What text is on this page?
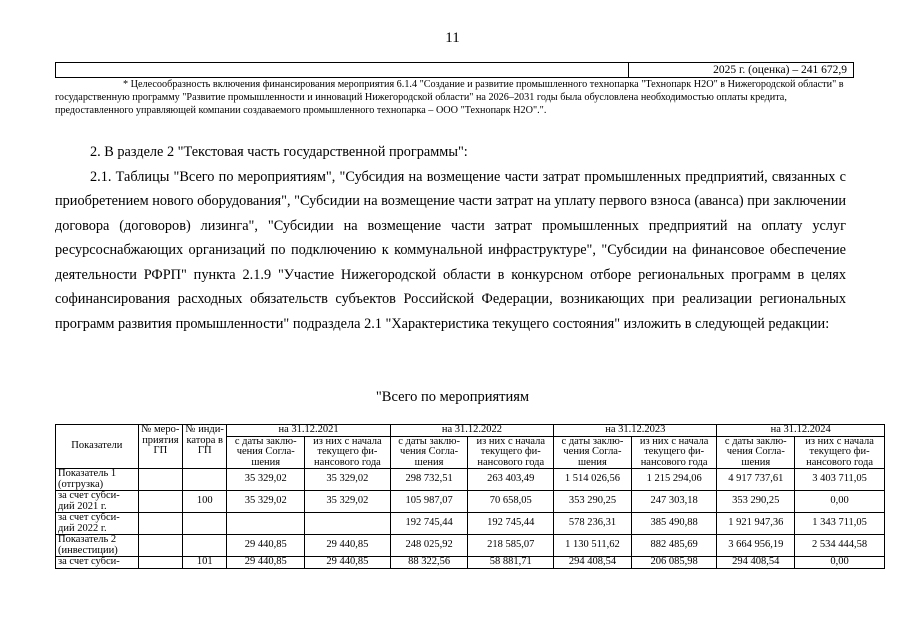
11
	2025 г. (оценка) – 241 672,9
* Целесообразность включения финансирования мероприятия 6.1.4 "Создание и развитие промышленного технопарка "Технопарк Н2О" в Нижегородской области" в государственную программу "Развитие промышленности и инноваций Нижегородской области" на 2026–2031 годы была обусловлена необходимостью оплаты кредита, предоставленного управляющей компании создаваемого промышленного технопарка – ООО "Технопарк Н2О".".

2. В разделе 2 "Текстовая часть государственной программы":

2.1. Таблицы "Всего по мероприятиям", "Субсидия на возмещение части затрат промышленных предприятий, связанных с приобретением нового оборудования", "Субсидии на возмещение части затрат на уплату первого взноса (аванса) при заключении договора (договоров) лизинга", "Субсидии на возмещение части затрат промышленных предприятий на оплату услуг ресурсоснабжающих организаций по подключению к коммунальной инфраструктуре", "Субсидии на финансовое обеспечение деятельности РФРП" пункта 2.1.9 "Участие Нижегородской области в конкурсном отборе региональных программ в целях софинансирования расходных обязательств субъектов Российской Федерации, возникающих при реализации региональных программ развития промышленности" подраздела 2.1 "Характеристика текущего состояния" изложить в следующей редакции:

"Всего по мероприятиям
Показатели	№ меро-приятия ГП	№ инди-катора в ГП	на 31.12.2021		на 31.12.2022		на 31.12.2023		на 31.12.2024	
			с даты заклю-чения Согла-шения	из них с начала текущего фи-нансового года	с даты заклю-чения Согла-шения	из них с начала текущего фи-нансового года	с даты заклю-чения Согла-шения	из них с начала текущего фи-нансового года	с даты заклю-чения Согла-шения	из них с начала текущего фи-нансового года
Показатель 1 (отгрузка)			35 329,02	35 329,02	298 732,51	263 403,49	1 514 026,56	1 215 294,06	4 917 737,61	3 403 711,05
за счет субси-дий 2021 г.		100	35 329,02	35 329,02	105 987,07	70 658,05	353 290,25	247 303,18	353 290,25	0,00
за счет субси-дий 2022 г.					192 745,44	192 745,44	578 236,31	385 490,88	1 921 947,36	1 343 711,05
Показатель 2 (инвестиции)			29 440,85	29 440,85	248 025,92	218 585,07	1 130 511,62	882 485,69	3 664 956,19	2 534 444,58

за счет субси-		101	29 440,85	29 440,85	88 322,56	58 881,71	294 408,54	206 085,98	294 408,54	0,00
